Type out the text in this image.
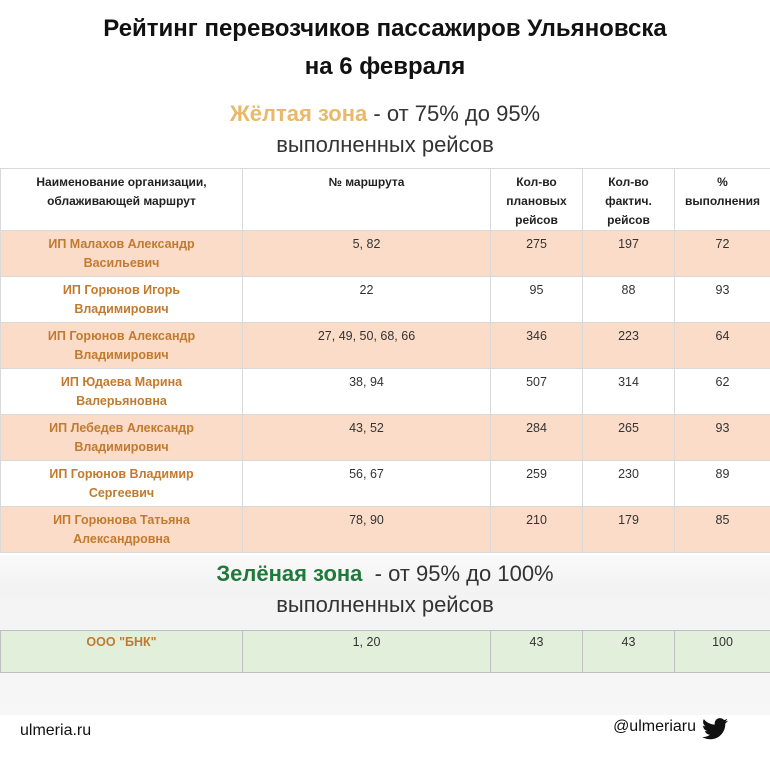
Рейтинг перевозчиков пассажиров Ульяновска
на 6 февраля
Жёлтая зона - от 75% до 95%
выполненных рейсов
Наименование организации,
облаживающей маршрут	№ маршрута	Кол-во
плановых
рейсов	Кол-во
фактич.
рейсов	%
выполнения

ИП Малахов Александр
Васильевич	5, 82	275	197	72

ИП Горюнов Игорь
Владимирович	22	95	88	93

ИП Горюнов Александр
Владимирович	27, 49, 50, 68, 66	346	223	64

ИП Юдаева Марина
Валерьяновна	38, 94	507	314	62

ИП Лебедев Александр
Владимирович	43, 52	284	265	93

ИП Горюнов Владимир
Сергеевич	56, 67	259	230	89

ИП Горюнова Татьяна
Александровна	78, 90	210	179	85
Зелёная зона  - от 95% до 100%
выполненных рейсов
ООО "БНК"	1, 20	43	43	100
ulmeria.ru	@ulmeriaru
